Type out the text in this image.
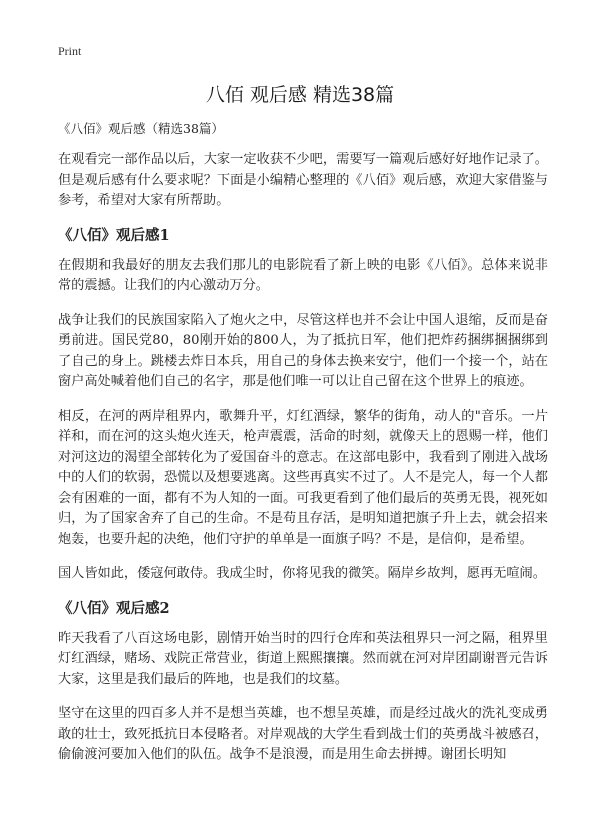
Print
八佰 观后感 精选38篇
《八佰》观后感（精选38篇）

在观看完一部作品以后，大家一定收获不少吧，需要写一篇观后感好好地作记录了。但是观后感有什么要求呢？下面是小编精心整理的《八佰》观后感，欢迎大家借鉴与参考，希望对大家有所帮助。

《八佰》观后感1

在假期和我最好的朋友去我们那儿的电影院看了新上映的电影《八佰》。总体来说非常的震撼。让我们的内心激动万分。

战争让我们的民族国家陷入了炮火之中，尽管这样也并不会让中国人退缩，反而是奋勇前进。国民党80，80刚开始的800人，为了抵抗日军，他们把炸药捆绑捆捆绑到了自己的身上。跳楼去炸日本兵，用自己的身体去换来安宁，他们一个接一个，站在窗户高处喊着他们自己的名字，那是他们唯一可以让自己留在这个世界上的痕迹。

相反，在河的两岸租界内，歌舞升平，灯红酒绿，繁华的街角，动人的"音乐。一片祥和，而在河的这头炮火连天，枪声震震，活命的时刻，就像天上的恩赐一样，他们对河这边的渴望全部转化为了爱国奋斗的意志。在这部电影中，我看到了刚进入战场中的人们的软弱，恐慌以及想要逃离。这些再真实不过了。人不是完人，每一个人都会有困难的一面，都有不为人知的一面。可我更看到了他们最后的英勇无畏，视死如归，为了国家舍弃了自己的生命。不是苟且存活，是明知道把旗子升上去，就会招来炮轰，也要升起的决绝，他们守护的单单是一面旗子吗？不是，是信仰，是希望。

国人皆如此，倭寇何敢侍。我成尘时，你将见我的微笑。隔岸乡故判，愿再无喧闹。

《八佰》观后感2

昨天我看了八百这场电影，剧情开始当时的四行仓库和英法租界只一河之隔，租界里灯红酒绿，赌场、戏院正常营业，街道上熙熙攘攘。然而就在河对岸团副谢晋元告诉大家，这里是我们最后的阵地，也是我们的坟墓。

坚守在这里的四百多人并不是想当英雄，也不想呈英雄，而是经过战火的洗礼变成勇敢的壮士，致死抵抗日本侵略者。对岸观战的大学生看到战士们的英勇战斗被感召，偷偷渡河要加入他们的队伍。战争不是浪漫，而是用生命去拼搏。谢团长明知
